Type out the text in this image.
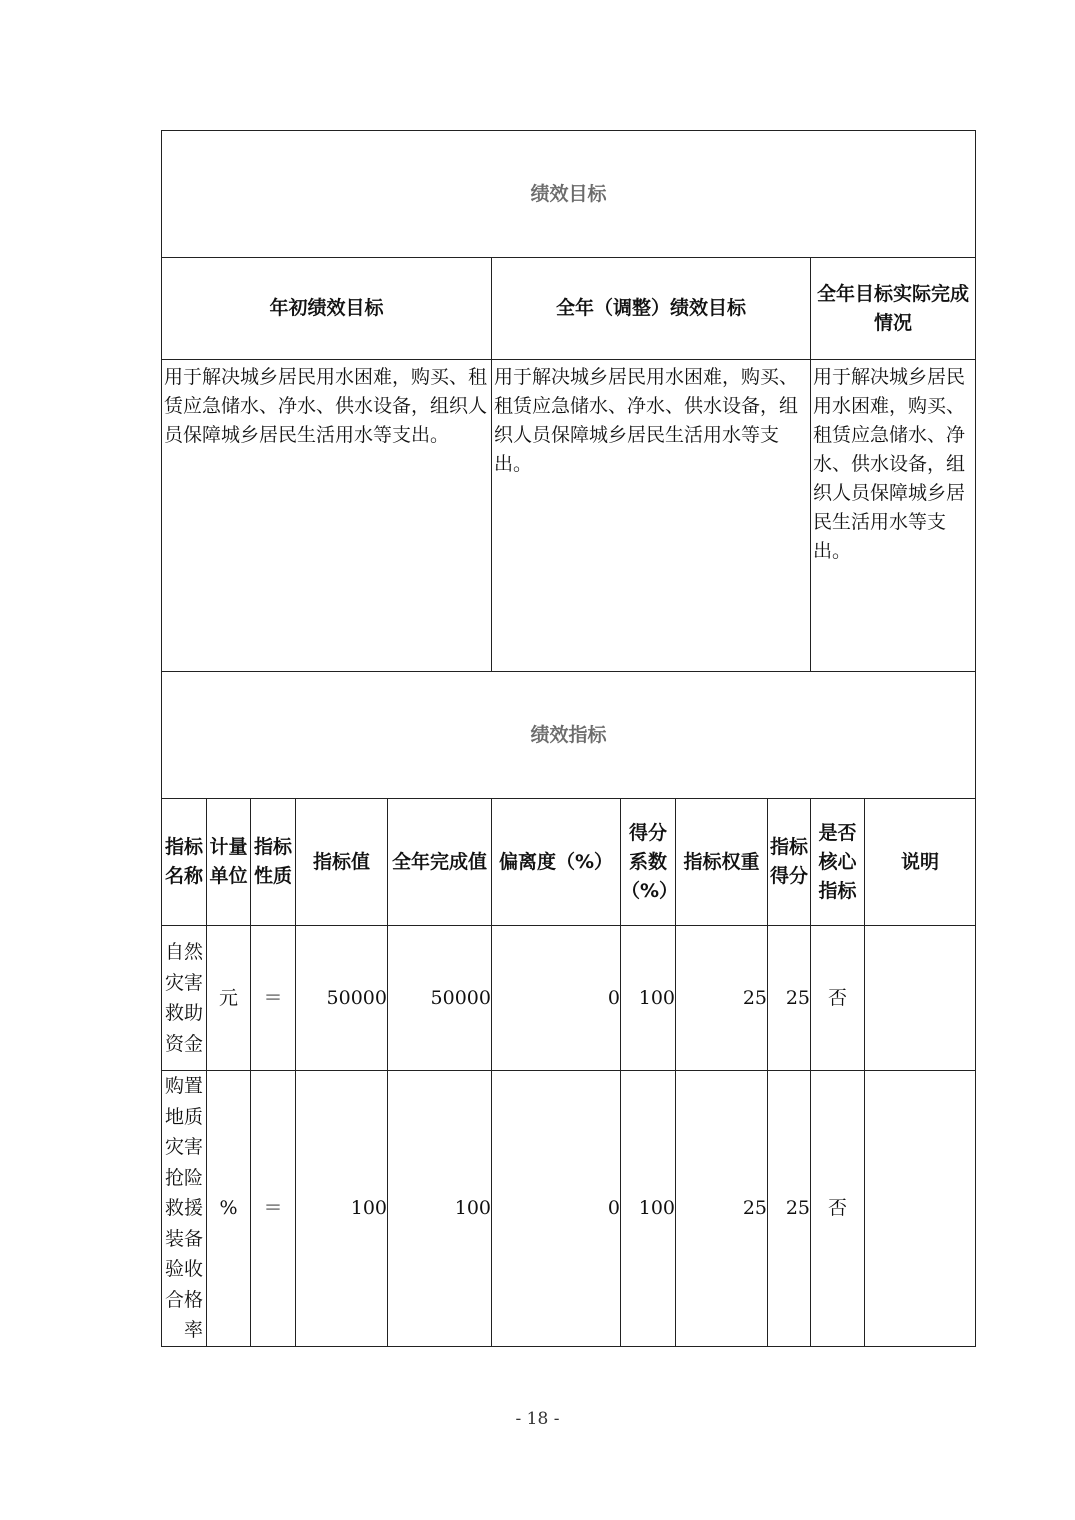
绩效目标										
年初绩效目标					全年（调整）绩效目标				全年目标实际完成情况	
用于解决城乡居民用水困难，购买、租赁应急储水、净水、供水设备，组织人员保障城乡居民生活用水等支出。					用于解决城乡居民用水困难，购买、租赁应急储水、净水、供水设备，组织人员保障城乡居民生活用水等支出。				用于解决城乡居民用水困难，购买、租赁应急储水、净水、供水设备，组织人员保障城乡居民生活用水等支出。	
绩效指标										
指标名称	计量单位	指标性质	指标值	全年完成值	偏离度（%）	得分系数（%）	指标权重	指标得分	是否核心指标	说明
自然灾害救助资金	元	＝	50000	50000	0	100	25	25	否	
购置地质灾害抢险救援装备验收合格率	%	＝	100	100	0	100	25	25	否	
- 18 -
